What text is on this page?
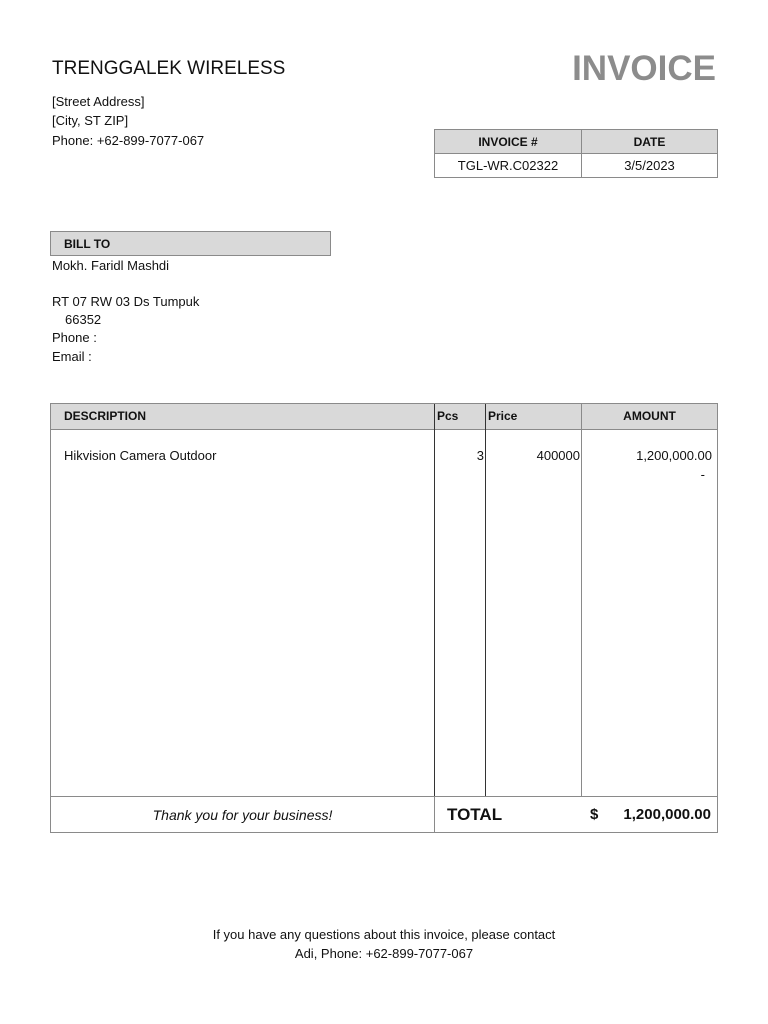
TRENGGALEK WIRELESS
[Street Address]
[City, ST ZIP]
Phone: +62-899-7077-067
INVOICE
INVOICE #	DATE
TGL-WR.C02322	3/5/2023
BILL TO
Mokh. Faridl Mashdi
RT 07 RW 03 Ds Tumpuk
66352
Phone :
Email :
DESCRIPTION	Pcs Price	AMOUNT
Hikvision Camera Outdoor	3	400000	1,200,000.00
-
Thank you for your business!	TOTAL	$ 1,200,000.00
If you have any questions about this invoice, please contact
Adi, Phone: +62-899-7077-067
